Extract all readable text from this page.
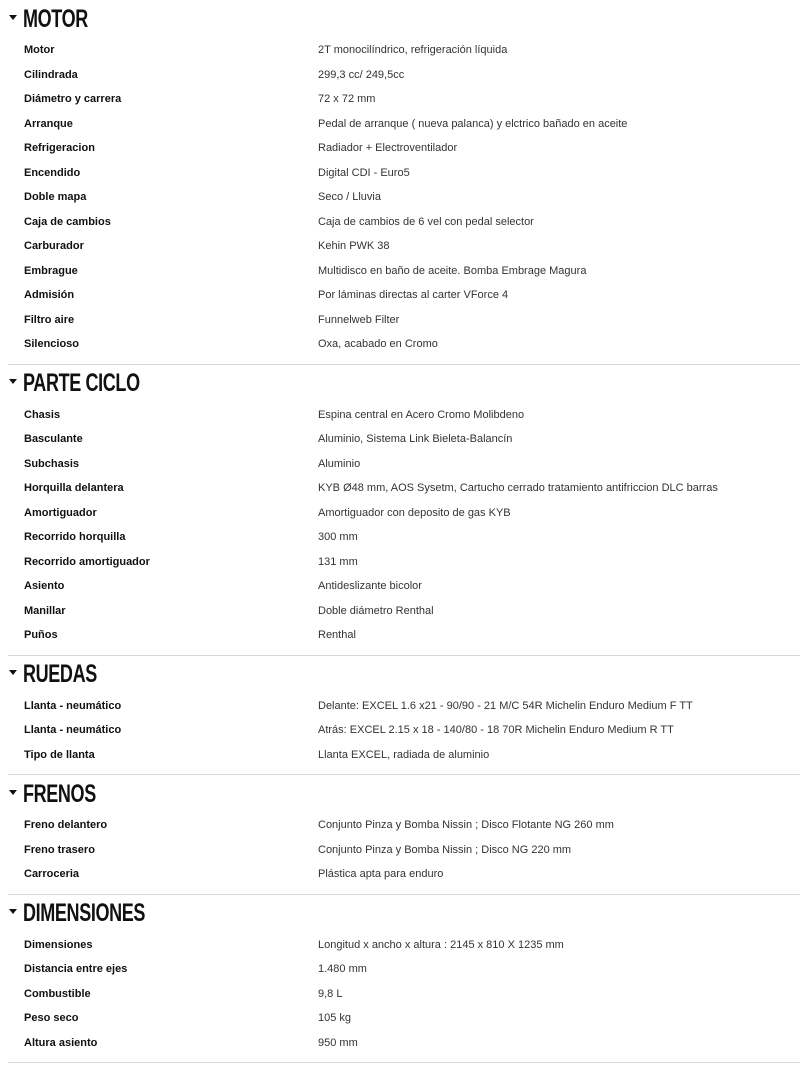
MOTOR
Motor	2T monocilíndrico, refrigeración líquida
Cilindrada	299,3 cc/ 249,5cc
Diámetro y carrera	72 x 72 mm
Arranque	Pedal de arranque ( nueva palanca) y elctrico bañado en aceite
Refrigeracion	Radiador + Electroventilador
Encendido	Digital CDI - Euro5
Doble mapa	Seco / Lluvia
Caja de cambios	Caja de cambios de 6 vel con pedal selector
Carburador	Kehin PWK 38
Embrague	Multidisco en baño de aceite. Bomba Embrage Magura
Admisión	Por láminas directas al carter VForce 4
Filtro aire	Funnelweb Filter
Silencioso	Oxa, acabado en Cromo
PARTE CICLO
Chasis	Espina central en Acero Cromo Molibdeno
Basculante	Aluminio, Sistema Link Bieleta-Balancín
Subchasis	Aluminio
Horquilla delantera	KYB Ø48 mm, AOS Sysetm, Cartucho cerrado tratamiento antifriccion DLC barras
Amortiguador	Amortiguador con deposito de gas KYB
Recorrido horquilla	300 mm
Recorrido amortiguador	131 mm
Asiento	Antideslizante bicolor
Manillar	Doble diámetro Renthal
Puños	Renthal
RUEDAS
Llanta - neumático	Delante: EXCEL 1.6 x21 - 90/90 - 21 M/C 54R Michelin Enduro Medium F TT
Llanta - neumático	Atrás: EXCEL 2.15 x 18 - 140/80 - 18 70R Michelin Enduro Medium R TT
Tipo de llanta	Llanta EXCEL, radiada de aluminio
FRENOS
Freno delantero	Conjunto Pinza y Bomba Nissin ; Disco Flotante NG 260 mm
Freno trasero	Conjunto Pinza y Bomba Nissin ; Disco NG 220 mm
Carroceria	Plástica apta para enduro
DIMENSIONES
Dimensiones	Longitud x ancho x altura : 2145 x 810 X 1235 mm
Distancia entre ejes	1.480 mm
Combustible	9,8 L
Peso seco	105 kg
Altura asiento	950 mm
